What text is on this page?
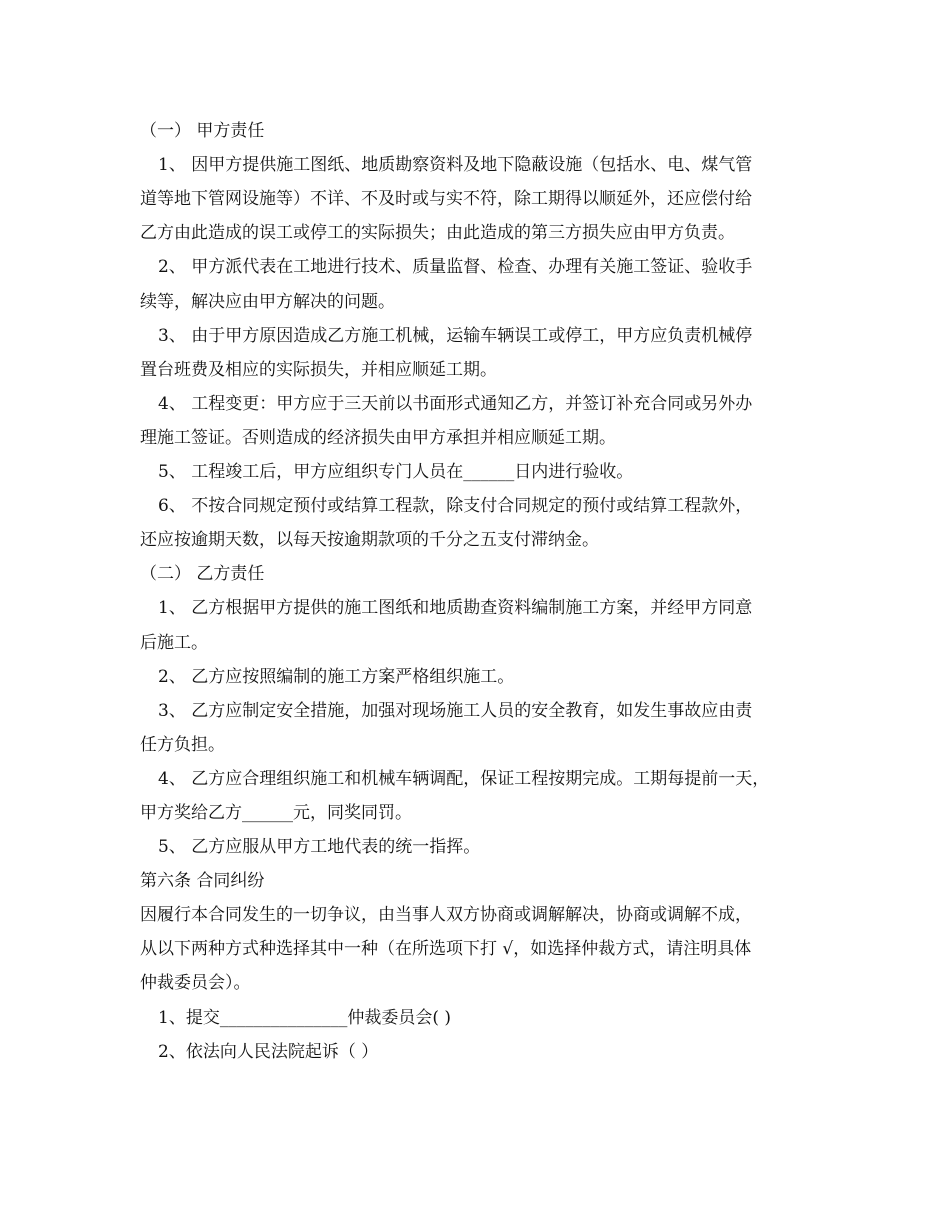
（一） 甲方责任
1、 因甲方提供施工图纸、地质勘察资料及地下隐蔽设施（包括水、电、煤气管
道等地下管网设施等）不详、不及时或与实不符，除工期得以顺延外，还应偿付给
乙方由此造成的误工或停工的实际损失；由此造成的第三方损失应由甲方负责。
2、 甲方派代表在工地进行技术、质量监督、检查、办理有关施工签证、验收手
续等，解决应由甲方解决的问题。
3、 由于甲方原因造成乙方施工机械，运输车辆误工或停工，甲方应负责机械停
置台班费及相应的实际损失，并相应顺延工期。
4、 工程变更：甲方应于三天前以书面形式通知乙方，并签订补充合同或另外办
理施工签证。否则造成的经济损失由甲方承担并相应顺延工期。
5、 工程竣工后，甲方应组织专门人员在______日内进行验收。
6、 不按合同规定预付或结算工程款，除支付合同规定的预付或结算工程款外，
还应按逾期天数，以每天按逾期款项的千分之五支付滞纳金。
（二） 乙方责任
1、 乙方根据甲方提供的施工图纸和地质勘查资料编制施工方案，并经甲方同意
后施工。
2、 乙方应按照编制的施工方案严格组织施工。
3、 乙方应制定安全措施，加强对现场施工人员的安全教育，如发生事故应由责
任方负担。
4、 乙方应合理组织施工和机械车辆调配，保证工程按期完成。工期每提前一天，
甲方奖给乙方______元，同奖同罚。
5、 乙方应服从甲方工地代表的统一指挥。
第六条 合同纠纷
因履行本合同发生的一切争议，由当事人双方协商或调解解决，协商或调解不成，
从以下两种方式种选择其中一种（在所选项下打 √，如选择仲裁方式，请注明具体
仲裁委员会）。
1、提交_______________仲裁委员会( )
2、依法向人民法院起诉（ ）
